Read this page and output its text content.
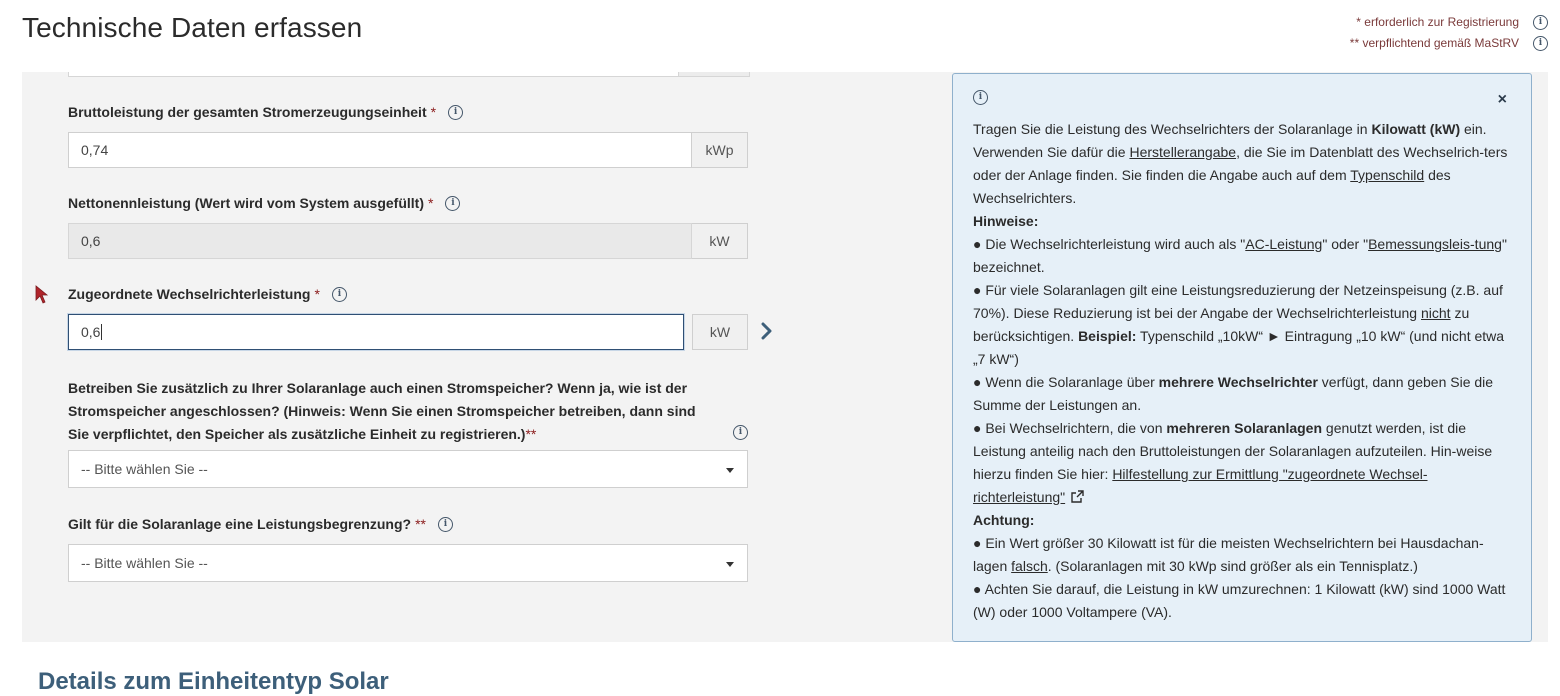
Technische Daten erfassen	* erforderlich zur Registrierung	i
** verpflichtend gemäß MaStRV	i
Bruttoleistung der gesamten Stromerzeugungseinheit *	i
0,74	kWp
Nettonennleistung (Wert wird vom System ausgefüllt) *	i
0,6	kW
Zugeordnete Wechselrichterleistung *	i
0,6	kW
Betreiben Sie zusätzlich zu Ihrer Solaranlage auch einen Stromspeicher? Wenn ja, wie ist der Stromspeicher angeschlossen? (Hinweis: Wenn Sie einen Stromspeicher betreiben, dann sind Sie verpflichtet, den Speicher als zusätzliche Einheit zu registrieren.)**	i
-- Bitte wählen Sie --
Gilt für die Solaranlage eine Leistungsbegrenzung? **	i
-- Bitte wählen Sie --
i	×

Tragen Sie die Leistung des Wechselrichters der Solaranlage in Kilowatt (kW) ein. Verwenden Sie dafür die Herstellerangabe, die Sie im Datenblatt des Wechselrich-ters oder der Anlage finden. Sie finden die Angabe auch auf dem Typenschild des Wechselrichters.

Hinweise:

● Die Wechselrichterleistung wird auch als "AC-Leistung" oder "Bemessungsleis-tung" bezeichnet.

● Für viele Solaranlagen gilt eine Leistungsreduzierung der Netzeinspeisung (z.B. auf 70%). Diese Reduzierung ist bei der Angabe der Wechselrichterleistung nicht zu berücksichtigen. Beispiel: Typenschild „10kW“ ► Eintragung „10 kW“ (und nicht etwa „7 kW“)

● Wenn die Solaranlage über mehrere Wechselrichter verfügt, dann geben Sie die Summe der Leistungen an.

● Bei Wechselrichtern, die von mehreren Solaranlagen genutzt werden, ist die Leistung anteilig nach den Bruttoleistungen der Solaranlagen aufzuteilen. Hin-weise hierzu finden Sie hier: Hilfestellung zur Ermittlung "zugeordnete Wechsel-richterleistung"

Achtung:

● Ein Wert größer 30 Kilowatt ist für die meisten Wechselrichtern bei Hausdachan-lagen falsch. (Solaranlagen mit 30 kWp sind größer als ein Tennisplatz.)

● Achten Sie darauf, die Leistung in kW umzurechnen: 1 Kilowatt (kW) sind 1000 Watt (W) oder 1000 Voltampere (VA).

Details zum Einheitentyp Solar
